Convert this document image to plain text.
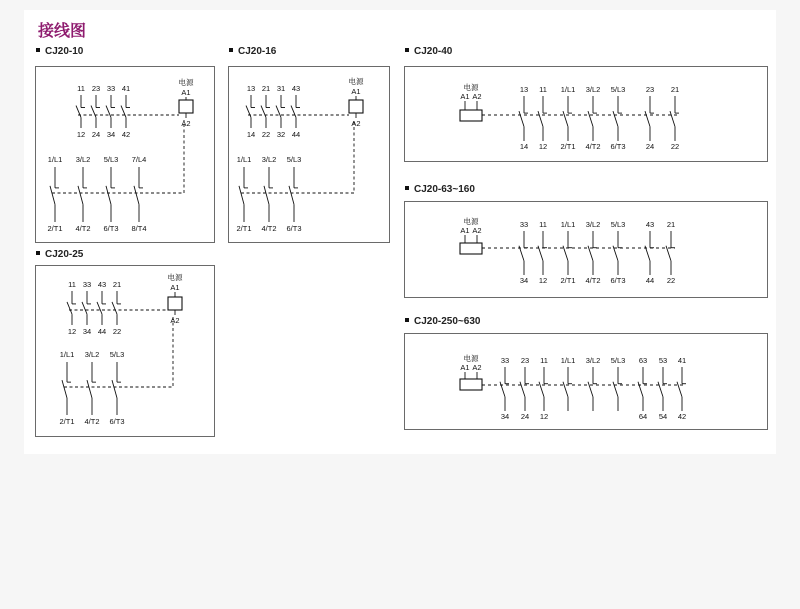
接线图
CJ20-10	CJ20-16
CJ20-25
CJ20-40
CJ20-63~160
CJ20-250~630
电源
A1
A2
11
12
23
24
33
34
41
42
1/L1
2/T1
3/L2
4/T2
5/L3
6/T3
7/L4
8/T4
电源
A1
A2
13
14
21
22
31
32
43
44
1/L1
2/T1
3/L2
4/T2
5/L3
6/T3
电源
A1
A2
11
12
33
34
43
44
21
22
1/L1
2/T1
3/L2
4/T2
5/L3
6/T3
电源
A1 A2
13
14
11
12
1/L1
2/T1
3/L2
4/T2
5/L3
6/T3
23
24
21
22
电源
A1 A2
33
34
11
12
1/L1
2/T1
3/L2
4/T2
5/L3
6/T3
43
44
21
22
电源
A1 A2
33
34
23
24
11
12
1/L1 3/L2 5/L3 63
64
53
54
41
42
